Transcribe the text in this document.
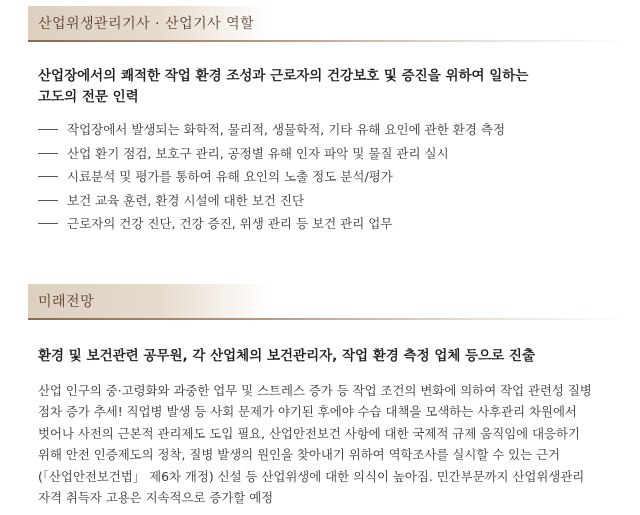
산업위생관리기사 · 산업기사 역할
산업장에서의 쾌적한 작업 환경 조성과 근로자의 건강보호 및 증진을 위하여 일하는
고도의 전문 인력
작업장에서 발생되는 화학적, 물리적, 생물학적, 기타 유해 요인에 관한 환경 측정
산업 환기 점검, 보호구 관리, 공정별 유해 인자 파악 및 물질 관리 실시
시료분석 및 평가를 통하여 유해 요인의 노출 정도 분석/평가
보건 교육 훈련, 환경 시설에 대한 보건 진단
근로자의 건강 진단, 건강 증진, 위생 관리 등 보건 관리 업무
미래전망
환경 및 보건관련 공무원, 각 산업체의 보건관리자, 작업 환경 측정 업체 등으로 진출
산업 인구의 중·고령화와 과중한 업무 및 스트레스 증가 등 작업 조건의 변화에 의하여 작업 관련성 질병
점차 증가 추세! 직업병 발생 등 사회 문제가 야기된 후에야 수습 대책을 모색하는 사후관리 차원에서
벗어나 사전의 근본적 관리제도 도입 필요, 산업안전보건 사항에 대한 국제적 규제 움직임에 대응하기
위해 안전 인증제도의 정착, 질병 발생의 원인을 찾아내기 위하여 역학조사를 실시할 수 있는 근거
(「산업안전보건법」 제6차 개정) 신설 등 산업위생에 대한 의식이 높아짐. 민간부문까지 산업위생관리
자격 취득자 고용은 지속적으로 증가할 예정
